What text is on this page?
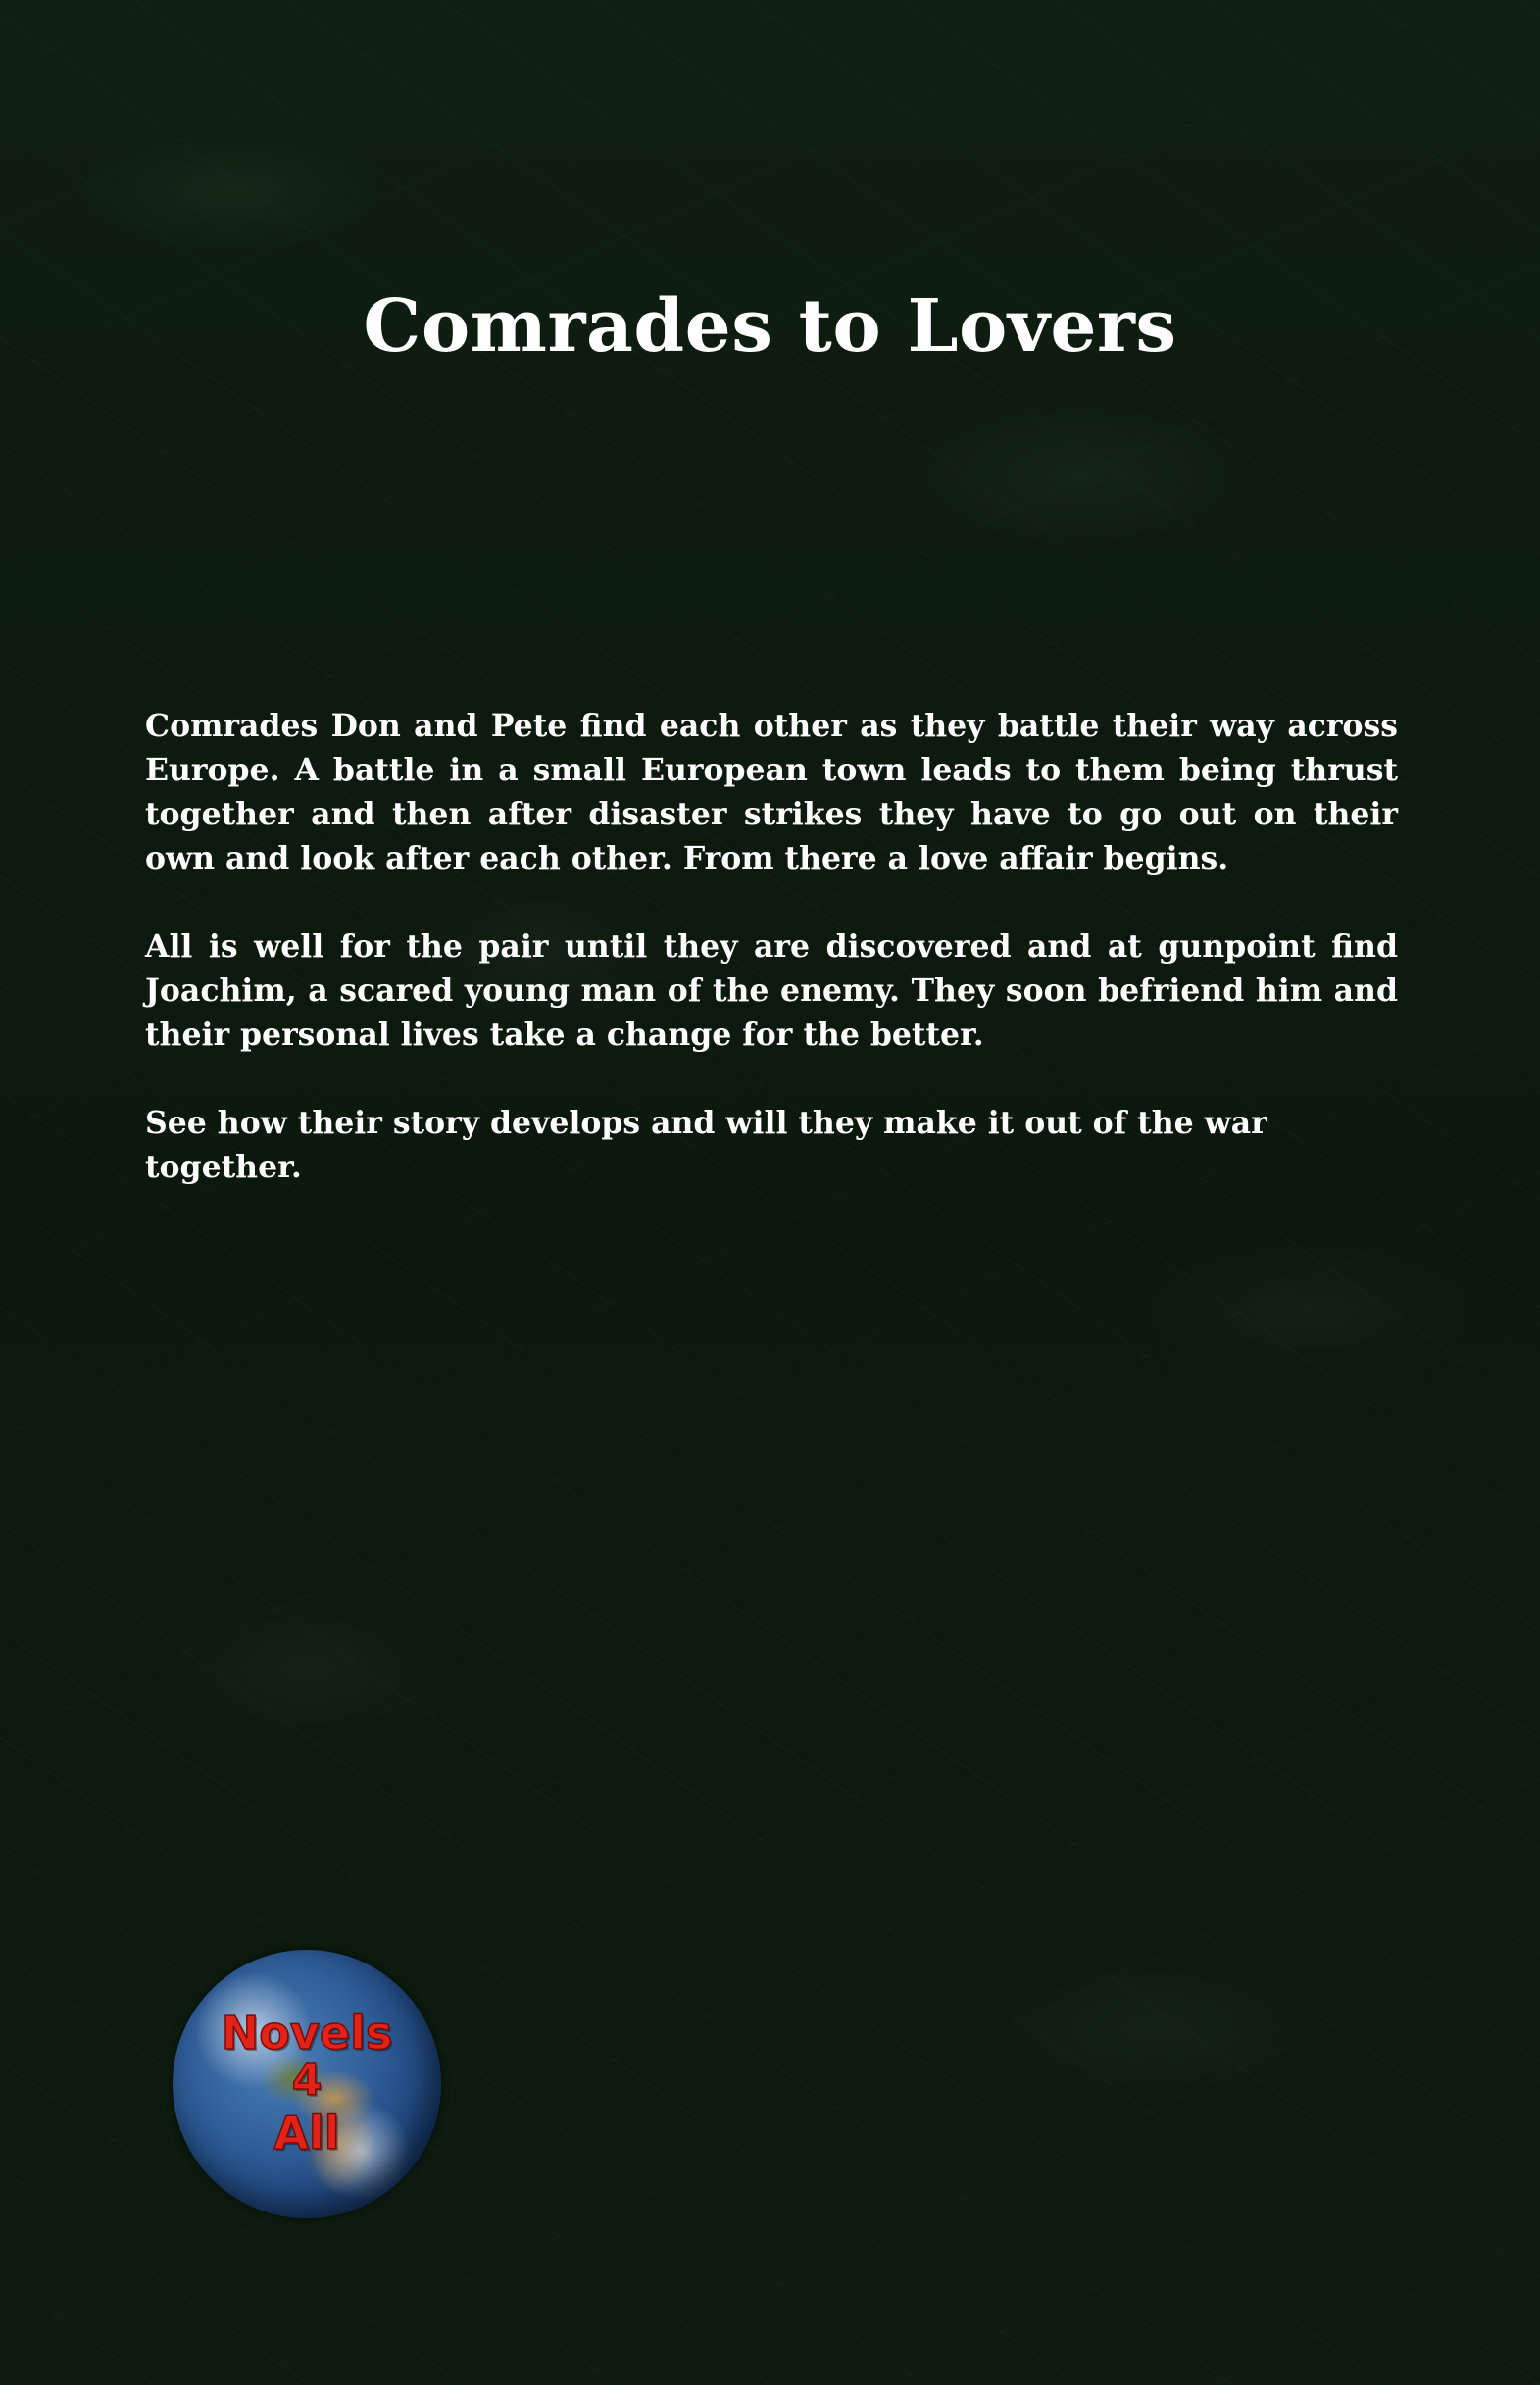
Comrades to Lovers

Comrades Don and Pete find each other as they battle their way across Europe. A battle in a small European town leads to them being thrust together and then after disaster strikes they have to go out on their own and look after each other. From there a love affair begins.

All is well for the pair until they are discovered and at gunpoint find Joachim, a scared young man of the enemy. They soon befriend him and their personal lives take a change for the better.

See how their story develops and will they make it out of the war together.

Novels
4
All
